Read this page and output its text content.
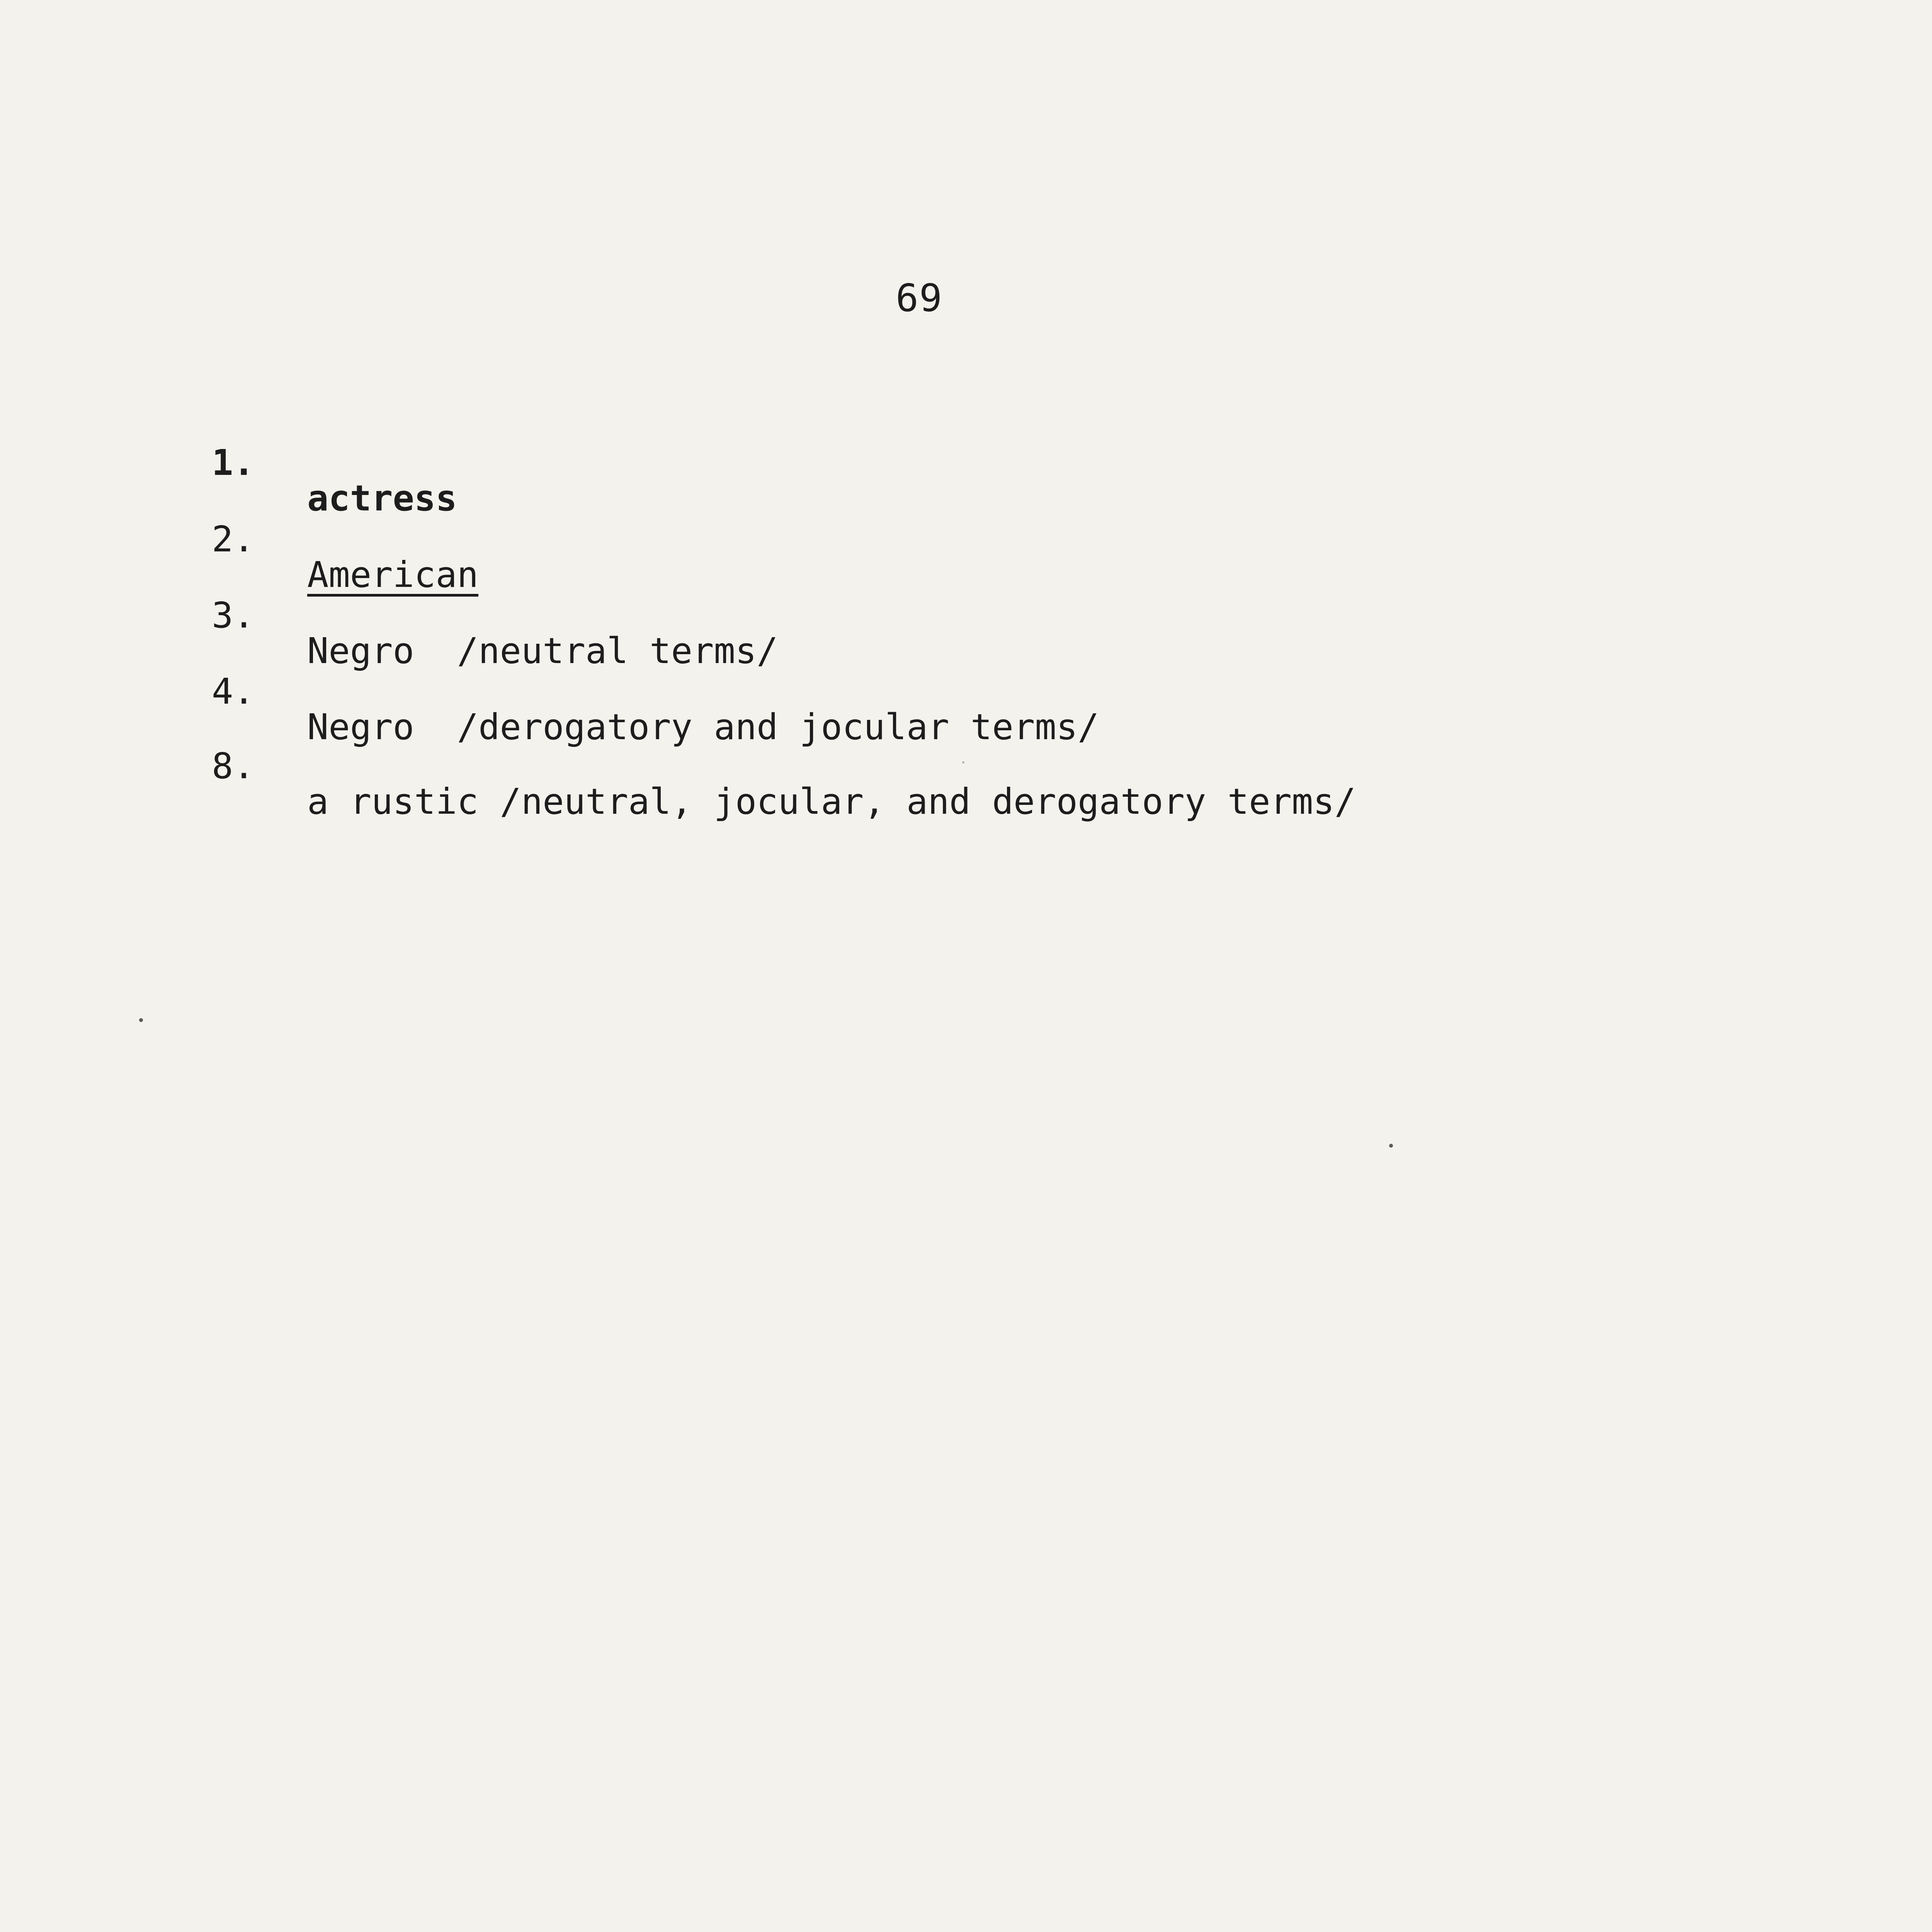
69

1.

actress

2.

American

3.

Negro  /neutral terms/

4.

Negro  /derogatory and jocular terms/

8.

a rustic /neutral, jocular, and derogatory terms/
